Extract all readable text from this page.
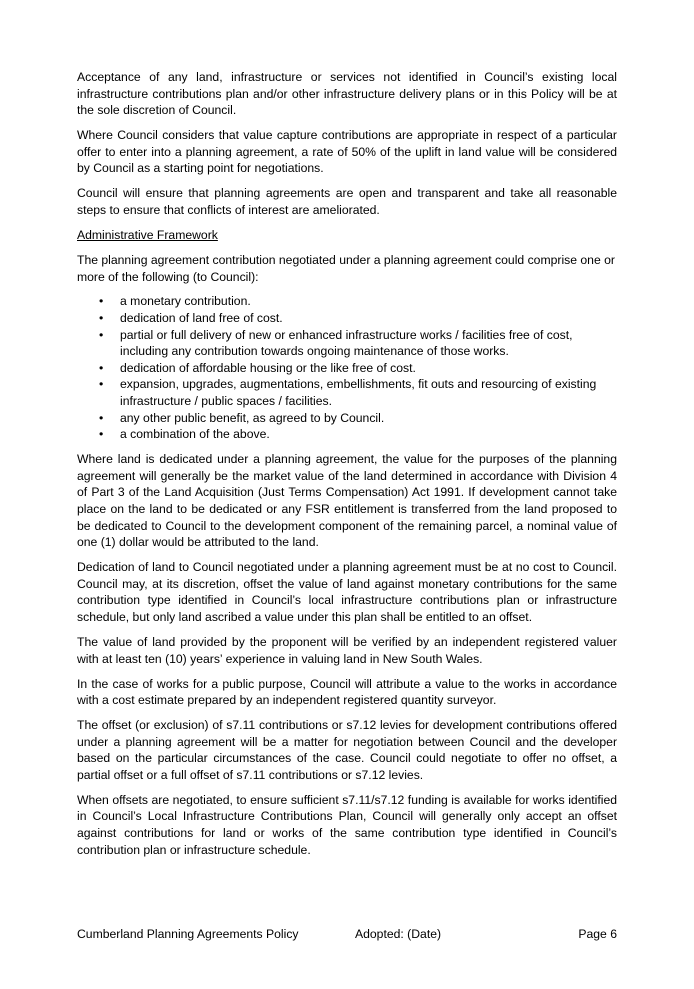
Acceptance of any land, infrastructure or services not identified in Council’s existing local infrastructure contributions plan and/or other infrastructure delivery plans or in this Policy will be at the sole discretion of Council.

Where Council considers that value capture contributions are appropriate in respect of a particular offer to enter into a planning agreement, a rate of 50% of the uplift in land value will be considered by Council as a starting point for negotiations.

Council will ensure that planning agreements are open and transparent and take all reasonable steps to ensure that conflicts of interest are ameliorated.

Administrative Framework

The planning agreement contribution negotiated under a planning agreement could comprise one or more of the following (to Council):

• a monetary contribution.
• dedication of land free of cost.
• partial or full delivery of new or enhanced infrastructure works / facilities free of cost, including any contribution towards ongoing maintenance of those works.
• dedication of affordable housing or the like free of cost.
• expansion, upgrades, augmentations, embellishments, fit outs and resourcing of existing infrastructure / public spaces / facilities.
• any other public benefit, as agreed to by Council.
• a combination of the above.

Where land is dedicated under a planning agreement, the value for the purposes of the planning agreement will generally be the market value of the land determined in accordance with Division 4 of Part 3 of the Land Acquisition (Just Terms Compensation) Act 1991. If development cannot take place on the land to be dedicated or any FSR entitlement is transferred from the land proposed to be dedicated to Council to the development component of the remaining parcel, a nominal value of one (1) dollar would be attributed to the land.

Dedication of land to Council negotiated under a planning agreement must be at no cost to Council. Council may, at its discretion, offset the value of land against monetary contributions for the same contribution type identified in Council’s local infrastructure contributions plan or infrastructure schedule, but only land ascribed a value under this plan shall be entitled to an offset.

The value of land provided by the proponent will be verified by an independent registered valuer with at least ten (10) years’ experience in valuing land in New South Wales.

In the case of works for a public purpose, Council will attribute a value to the works in accordance with a cost estimate prepared by an independent registered quantity surveyor.

The offset (or exclusion) of s7.11 contributions or s7.12 levies for development contributions offered under a planning agreement will be a matter for negotiation between Council and the developer based on the particular circumstances of the case. Council could negotiate to offer no offset, a partial offset or a full offset of s7.11 contributions or s7.12 levies.

When offsets are negotiated, to ensure sufficient s7.11/s7.12 funding is available for works identified in Council’s Local Infrastructure Contributions Plan, Council will generally only accept an offset against contributions for land or works of the same contribution type identified in Council’s contribution plan or infrastructure schedule.

Cumberland Planning Agreements Policy	Adopted: (Date)	Page 6
